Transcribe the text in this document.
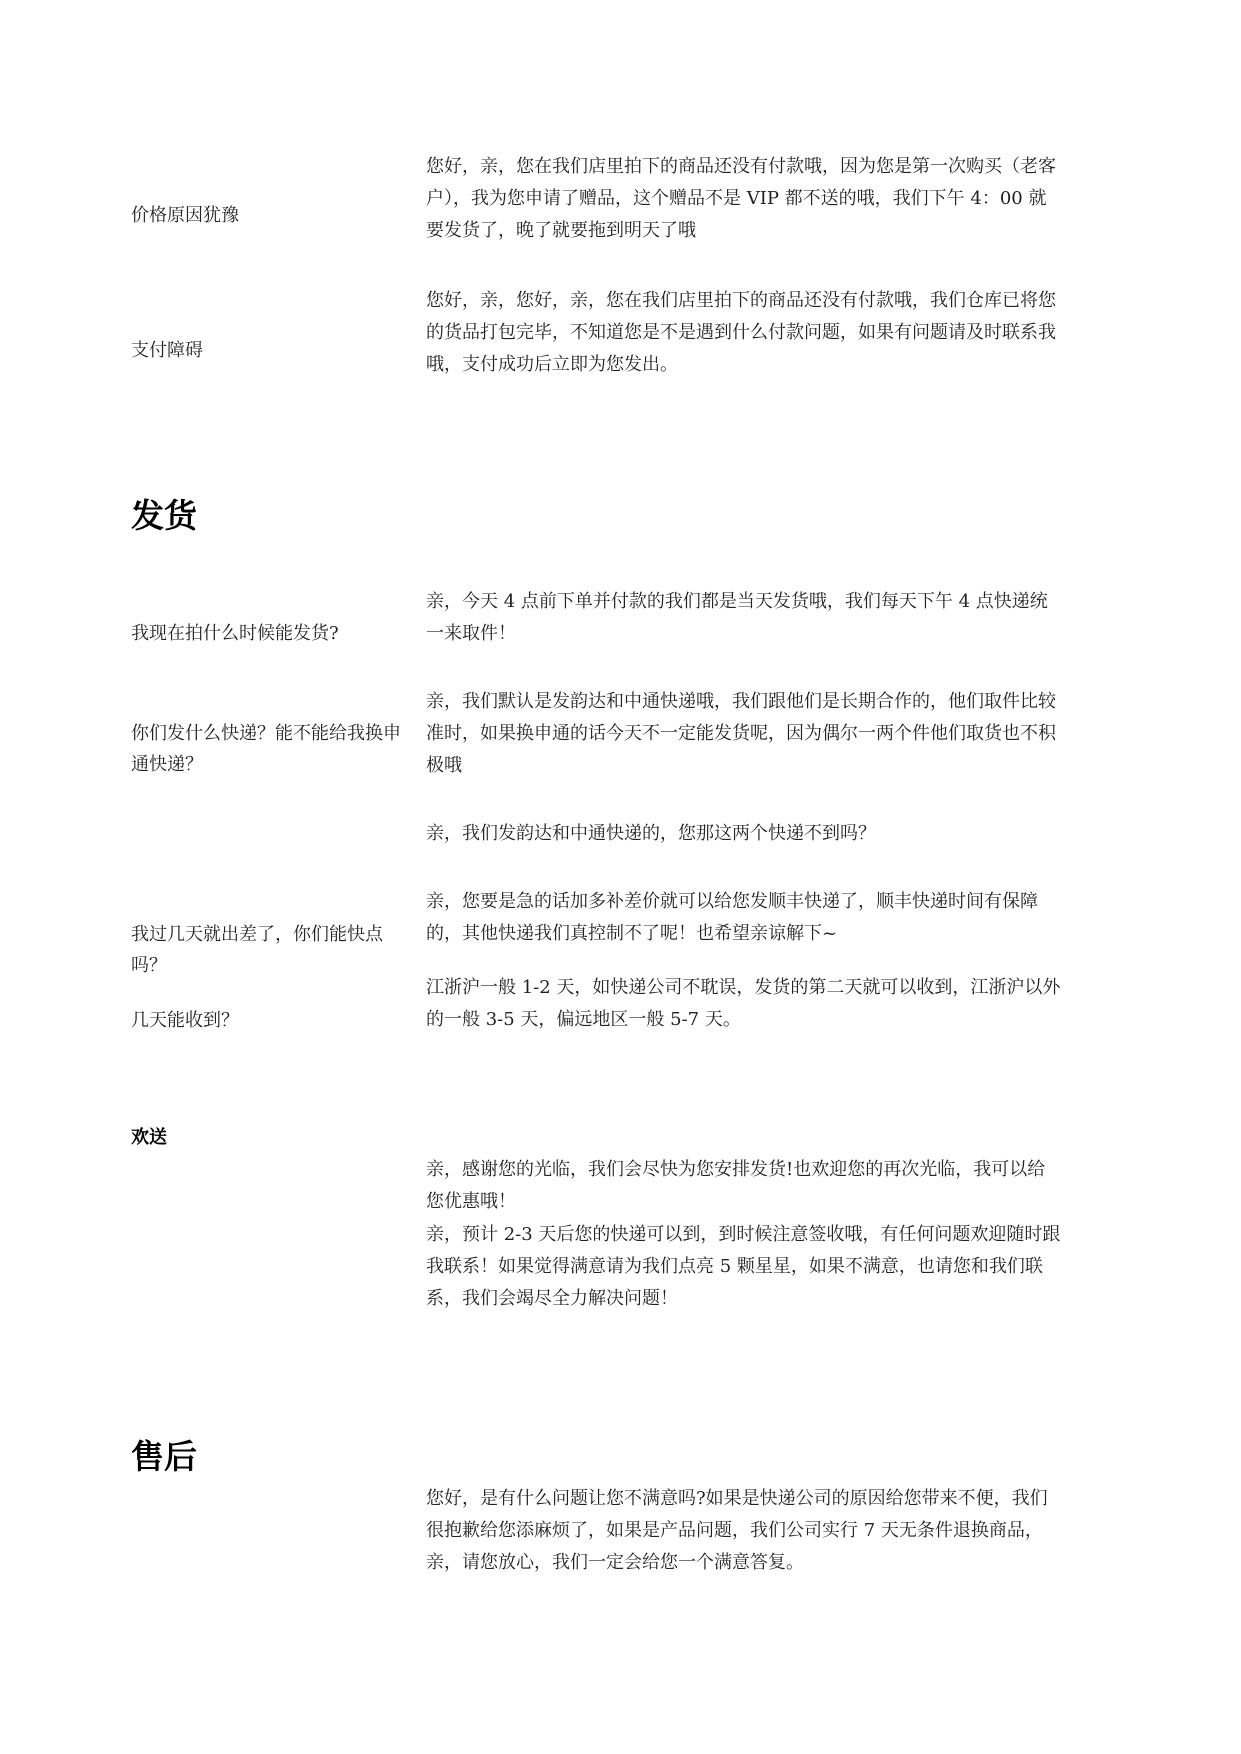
价格原因犹豫
您好，亲，您在我们店里拍下的商品还没有付款哦，因为您是第一次购买（老客户），我为您申请了赠品，这个赠品不是 VIP 都不送的哦，我们下午 4：00 就要发货了，晚了就要拖到明天了哦
支付障碍
您好，亲，您好，亲，您在我们店里拍下的商品还没有付款哦，我们仓库已将您的货品打包完毕，不知道您是不是遇到什么付款问题，如果有问题请及时联系我哦，支付成功后立即为您发出。
发货
我现在拍什么时候能发货?
亲，今天 4 点前下单并付款的我们都是当天发货哦，我们每天下午 4 点快递统一来取件！
你们发什么快递？能不能给我换申通快递？
亲，我们默认是发韵达和中通快递哦，我们跟他们是长期合作的，他们取件比较准时，如果换申通的话今天不一定能发货呢，因为偶尔一两个件他们取货也不积极哦
亲，我们发韵达和中通快递的，您那这两个快递不到吗？
我过几天就出差了，你们能快点吗？
亲，您要是急的话加多补差价就可以给您发顺丰快递了，顺丰快递时间有保障的，其他快递我们真控制不了呢！也希望亲谅解下~
几天能收到？
江浙沪一般 1-2 天，如快递公司不耽误，发货的第二天就可以收到，江浙沪以外的一般 3-5 天，偏远地区一般 5-7 天。
欢送
亲，感谢您的光临，我们会尽快为您安排发货!也欢迎您的再次光临，我可以给您优惠哦！
亲，预计 2-3 天后您的快递可以到，到时候注意签收哦，有任何问题欢迎随时跟我联系！如果觉得满意请为我们点亮 5 颗星星，如果不满意，也请您和我们联系，我们会竭尽全力解决问题！
售后
您好，是有什么问题让您不满意吗?如果是快递公司的原因给您带来不便，我们很抱歉给您添麻烦了，如果是产品问题，我们公司实行 7 天无条件退换商品，亲，请您放心，我们一定会给您一个满意答复。
